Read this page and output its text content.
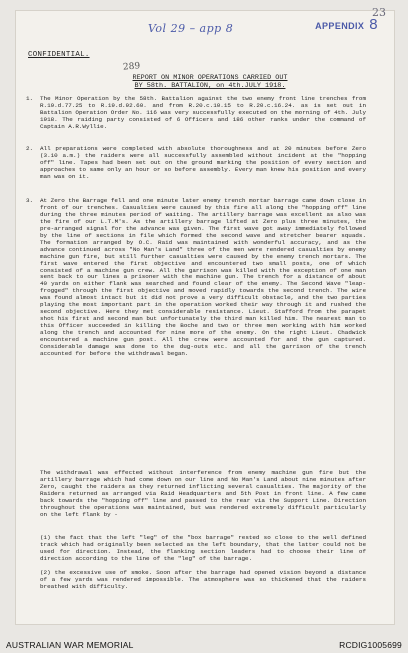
Vol 29 – app 8
23
APPENDIX 8
CONFIDENTIAL.
289
REPORT ON MINOR OPERATIONS CARRIED OUT
BY 58th. BATTALION, on 4th.JULY 1918.
1. The Minor Operation by the 58th. Battalion against the two enemy front line trenches from R.19.d.77.25 to R.19.d.92.60. and from R.20.c.10.15 to R.20.c.16.24. as is set out in Battalion Operation Order No. 116 was very successfully executed on the morning of 4th. July 1918. The raiding party consisted of 6 Officers and 186 other ranks under the command of Captain A.R.Wyllie.
2. All preparations were completed with absolute thoroughness and at 20 minutes before Zero (3.10 a.m.) the raiders were all successfully assembled without incident at the "hopping off" line. Tapes had been set out on the ground marking the position of every section and approaches to same only an hour or so before assembly. Every man knew his position and every man was on it.
3. At Zero the Barrage fell and one minute later enemy trench mortar barrage came down close in front of our trenches. Casualties were caused by this fire all along the "hopping off" line during the three minutes period of waiting. The artillery barrage was excellent as also was the fire of our L.T.M's. As the artillery barrage lifted at Zero plus three minutes, the pre-arranged signal for the advance was given. The first wave got away immediately followed by the line of sections in file which formed the second wave and stretcher bearer squads. The formation arranged by O.C. Raid was maintained with wonderful accuracy, and as the advance continued across "No Man's Land" three of the men were rendered casualties by enemy machine gun fire, but still further casualties were caused by the enemy trench mortars. The first wave entered the first objective and encountered two small posts, one of which consisted of a machine gun crew. All the garrison was killed with the exception of one man sent back to our lines a prisoner with the machine gun. The trench for a distance of about 40 yards on either flank was searched and found clear of the enemy. The Second Wave "leap-frogged" through the first objective and moved rapidly towards the second trench. The wire was found almost intact but it did not prove a very difficult obstacle, and the two parties playing the most important part in the operation worked their way through it and rushed the second objective. Here they met considerable resistance. Lieut. Stafford from the parapet shot his first and second man but unfortunately the third man killed him. The nearest man to this Officer succeeded in killing the Boche and two or three men working with him worked along the trench and accounted for nine more of the enemy. On the right Lieut. Chadwick encountered a machine gun post. All the crew were accounted for and the gun captured. Considerable damage was done to the dug-outs etc. and all the garrison of the trench accounted for before the withdrawal began.
The withdrawal was effected without interference from enemy machine gun fire but the artillery barrage which had come down on our line and No Man's Land about nine minutes after Zero, caught the raiders as they returned inflicting several casualties. The majority of the Raiders returned as arranged via Raid Headquarters and 5th Post in front line. A few came back towards the "hopping off" line and passed to the rear via the Support Line. Direction throughout the operations was maintained, but was rendered extremely difficult particularly on the left flank by -
(1) the fact that the left "leg" of the "box barrage" rested so close to the well defined track which had originally been selected as the left boundary, that the latter could not be used for direction. Instead, the flanking section leaders had to choose their line of direction according to the line of the "leg" of the barrage.
(2) the excessive use of smoke. Soon after the barrage had opened vision beyond a distance of a few yards was rendered impossible. The atmosphere was so thickened that the raiders breathed with difficulty.
AUSTRALIAN WAR MEMORIAL	RCDIG1005699
